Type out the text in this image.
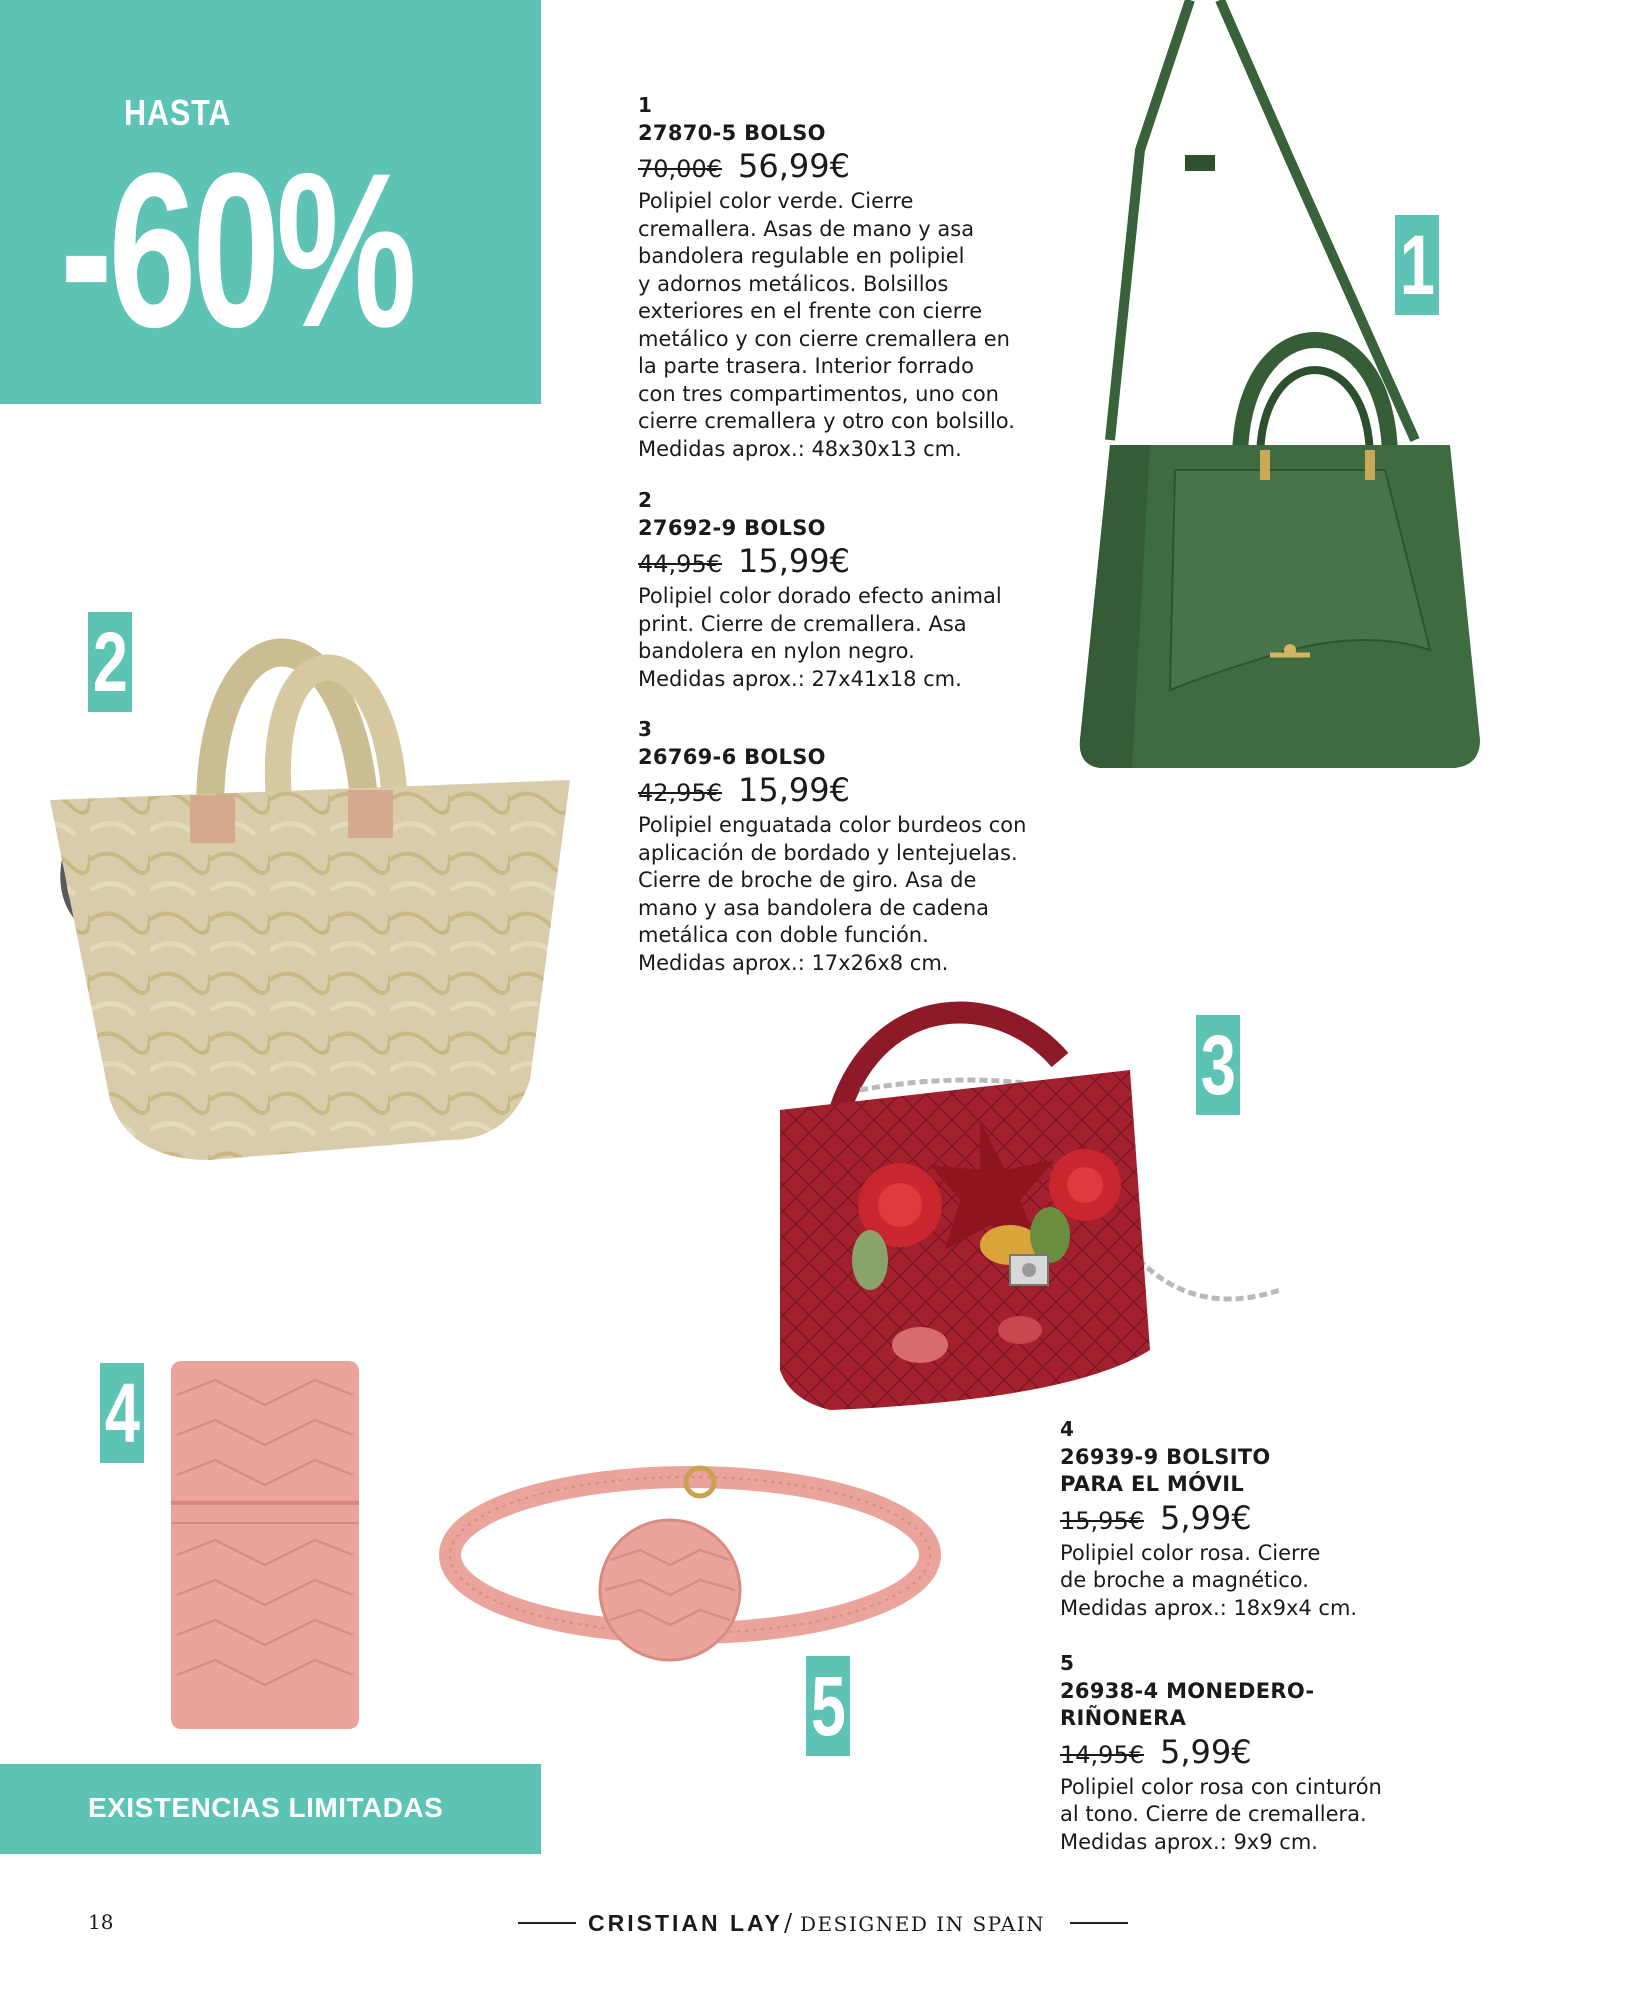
HASTA
-60%
1
27870-5 BOLSO
70,00€ 56,99€
Polipiel color verde. Cierre
cremallera. Asas de mano y asa
bandolera regulable en polipiel
y adornos metálicos. Bolsillos
exteriores en el frente con cierre
metálico y con cierre cremallera en
la parte trasera. Interior forrado
con tres compartimentos, uno con
cierre cremallera y otro con bolsillo.
Medidas aprox.: 48x30x13 cm.
2
27692-9 BOLSO
44,95€ 15,99€
Polipiel color dorado efecto animal
print. Cierre de cremallera. Asa
bandolera en nylon negro.
Medidas aprox.: 27x41x18 cm.
3
26769-6 BOLSO
42,95€ 15,99€
Polipiel enguatada color burdeos con
aplicación de bordado y lentejuelas.
Cierre de broche de giro. Asa de
mano y asa bandolera de cadena
metálica con doble función.
Medidas aprox.: 17x26x8 cm.
4
26939-9 BOLSITO
PARA EL MÓVIL
15,95€ 5,99€
Polipiel color rosa. Cierre
de broche a magnético.
Medidas aprox.: 18x9x4 cm.
5
26938-4 MONEDERO-
RIÑONERA
14,95€ 5,99€
Polipiel color rosa con cinturón
al tono. Cierre de cremallera.
Medidas aprox.: 9x9 cm.
1
2
3
4
5
EXISTENCIAS LIMITADAS
18	CRISTIAN LAY / DESIGNED IN SPAIN
